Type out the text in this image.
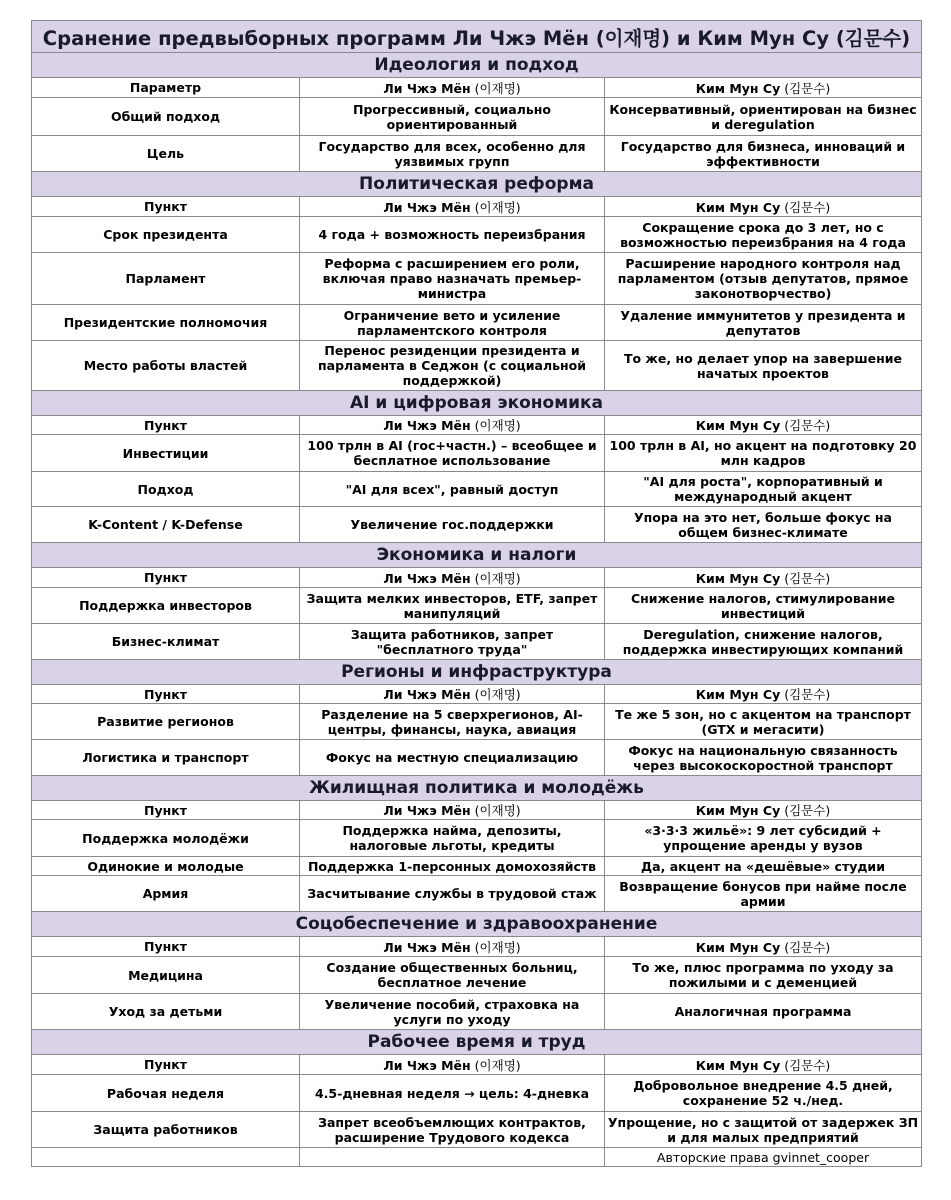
Сранение предвыборных программ Ли Чжэ Мён (이재명) и Ким Мун Су (김문수)		
Идеология и подход		
Параметр	Ли Чжэ Мён (이재명)	Ким Мун Су (김문수)
Общий подход	Прогрессивный, социально ориентированный	Консервативный, ориентирован на бизнес и deregulation
Цель	Государство для всех, особенно для уязвимых групп	Государство для бизнеса, инноваций и эффективности
Политическая реформа		
Пункт	Ли Чжэ Мён (이재명)	Ким Мун Су (김문수)
Срок президента	4 года + возможность переизбрания	Сокращение срока до 3 лет, но с возможностью переизбрания на 4 года
Парламент	Реформа с расширением его роли, включая право назначать премьер-министра	Расширение народного контроля над парламентом (отзыв депутатов, прямое законотворчество)
Президентские полномочия	Ограничение вето и усиление парламентского контроля	Удаление иммунитетов у президента и депутатов
Место работы властей	Перенос резиденции президента и парламента в Седжон (с социальной поддержкой)	То же, но делает упор на завершение начатых проектов
AI и цифровая экономика		
Пункт	Ли Чжэ Мён (이재명)	Ким Мун Су (김문수)
Инвестиции	100 трлн в AI (гос+частн.) – всеобщее и бесплатное использование	100 трлн в AI, но акцент на подготовку 20 млн кадров
Подход	"AI для всех", равный доступ	"AI для роста", корпоративный и международный акцент
K-Content / K-Defense	Увеличение гос.поддержки	Упора на это нет, больше фокус на общем бизнес-климате
Экономика и налоги		
Пункт	Ли Чжэ Мён (이재명)	Ким Мун Су (김문수)
Поддержка инвесторов	Защита мелких инвесторов, ETF, запрет манипуляций	Снижение налогов, стимулирование инвестиций
Бизнес-климат	Защита работников, запрет "бесплатного труда"	Deregulation, снижение налогов, поддержка инвестирующих компаний
Регионы и инфраструктура		
Пункт	Ли Чжэ Мён (이재명)	Ким Мун Су (김문수)
Развитие регионов	Разделение на 5 сверхрегионов, AI-центры, финансы, наука, авиация	Те же 5 зон, но с акцентом на транспорт (GTX и мегасити)
Логистика и транспорт	Фокус на местную специализацию	Фокус на национальную связанность через высокоскоростной транспорт
Жилищная политика и молодёжь		
Пункт	Ли Чжэ Мён (이재명)	Ким Мун Су (김문수)
Поддержка молодёжи	Поддержка найма, депозиты, налоговые льготы, кредиты	«3·3·3 жильё»: 9 лет субсидий + упрощение аренды у вузов
Одинокие и молодые	Поддержка 1-персонных домохозяйств	Да, акцент на «дешёвые» студии
Армия	Засчитывание службы в трудовой стаж	Возвращение бонусов при найме после армии
Соцобеспечение и здравоохранение		
Пункт	Ли Чжэ Мён (이재명)	Ким Мун Су (김문수)
Медицина	Создание общественных больниц, бесплатное лечение	То же, плюс программа по уходу за пожилыми и с деменцией
Уход за детьми	Увеличение пособий, страховка на услуги по уходу	Аналогичная программа
Рабочее время и труд		
Пункт	Ли Чжэ Мён (이재명)	Ким Мун Су (김문수)
Рабочая неделя	4.5-дневная неделя → цель: 4-дневка	Добровольное внедрение 4.5 дней, сохранение 52 ч./нед.
Защита работников	Запрет всеобъемлющих контрактов, расширение Трудового кодекса	Упрощение, но с защитой от задержек ЗП и для малых предприятий
		Авторские права gvinnet_cooper
